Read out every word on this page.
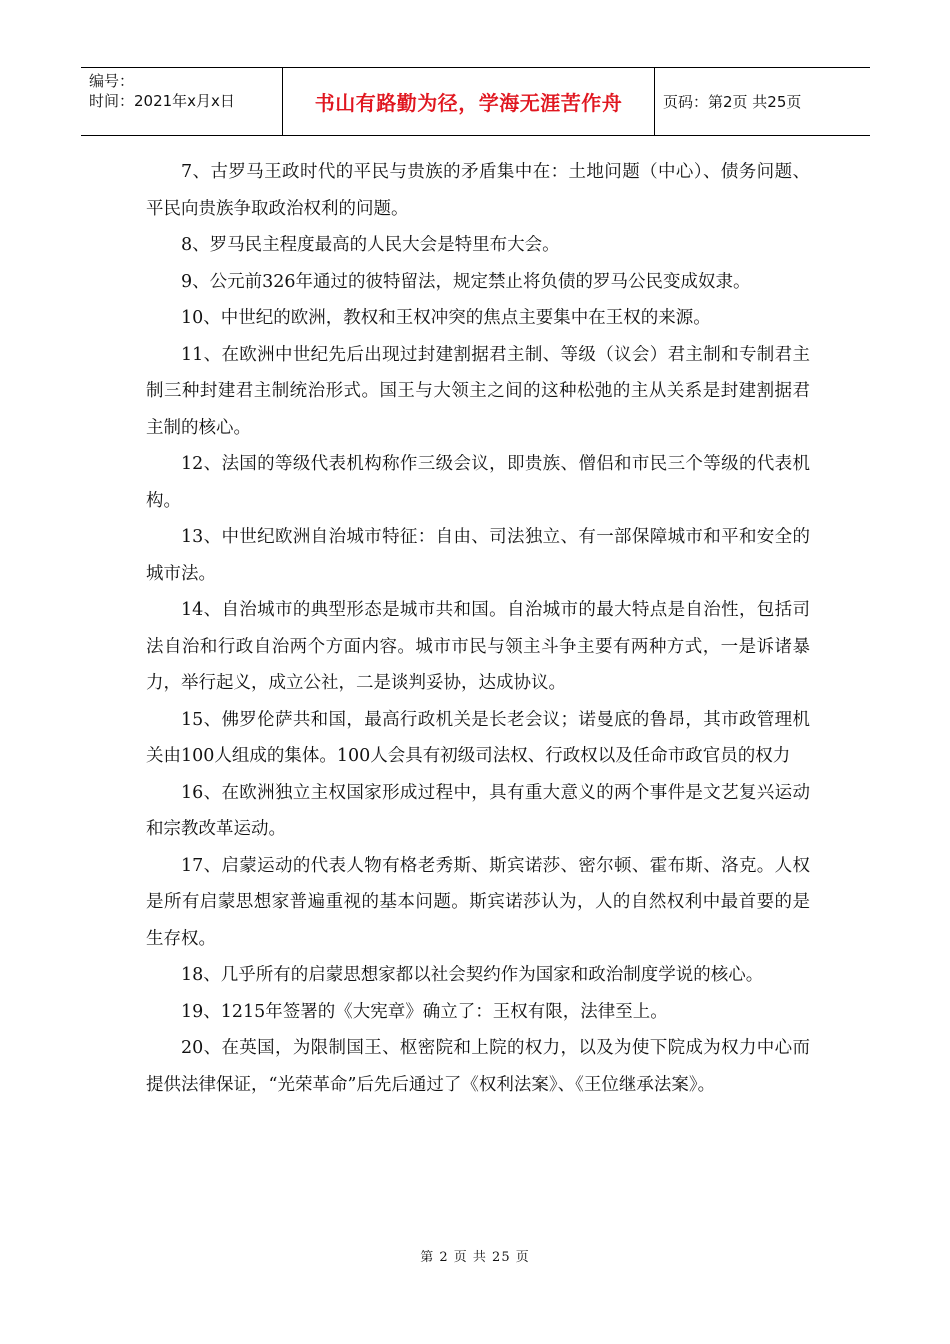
编号：
时间：2021年x月x日	书山有路勤为径，学海无涯苦作舟	页码：第2页 共25页

7、古罗马王政时代的平民与贵族的矛盾集中在：土地问题（中心）、债务问题、平民向贵族争取政治权利的问题。

8、罗马民主程度最高的人民大会是特里布大会。

9、公元前326年通过的彼特留法，规定禁止将负债的罗马公民变成奴隶。

10、中世纪的欧洲，教权和王权冲突的焦点主要集中在王权的来源。

11、在欧洲中世纪先后出现过封建割据君主制、等级（议会）君主制和专制君主制三种封建君主制统治形式。国王与大领主之间的这种松弛的主从关系是封建割据君主制的核心。

12、法国的等级代表机构称作三级会议，即贵族、僧侣和市民三个等级的代表机构。

13、中世纪欧洲自治城市特征：自由、司法独立、有一部保障城市和平和安全的城市法。

14、自治城市的典型形态是城市共和国。自治城市的最大特点是自治性，包括司法自治和行政自治两个方面内容。城市市民与领主斗争主要有两种方式，一是诉诸暴力，举行起义，成立公社，二是谈判妥协，达成协议。

15、佛罗伦萨共和国，最高行政机关是长老会议；诺曼底的鲁昂，其市政管理机关由100人组成的集体。100人会具有初级司法权、行政权以及任命市政官员的权力

16、在欧洲独立主权国家形成过程中，具有重大意义的两个事件是文艺复兴运动和宗教改革运动。

17、启蒙运动的代表人物有格老秀斯、斯宾诺莎、密尔顿、霍布斯、洛克。人权是所有启蒙思想家普遍重视的基本问题。斯宾诺莎认为，人的自然权利中最首要的是生存权。

18、几乎所有的启蒙思想家都以社会契约作为国家和政治制度学说的核心。

19、1215年签署的《大宪章》确立了：王权有限，法律至上。

20、在英国，为限制国王、枢密院和上院的权力，以及为使下院成为权力中心而提供法律保证，“光荣革命”后先后通过了《权利法案》、《王位继承法案》。

第 2 页 共 25 页
